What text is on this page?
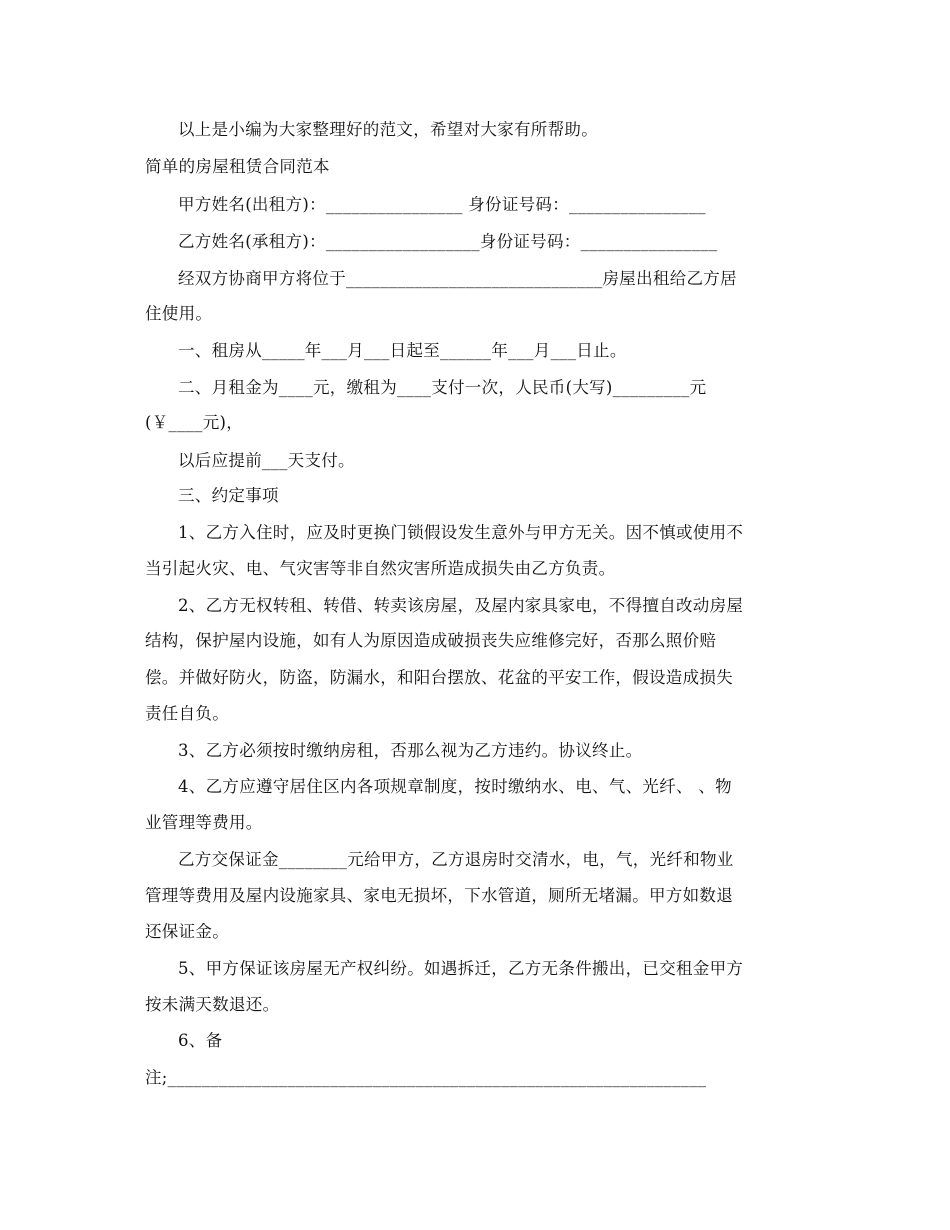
以上是小编为大家整理好的范文，希望对大家有所帮助。
简单的房屋租赁合同范本
甲方姓名(出租方)：________________ 身份证号码：________________
乙方姓名(承租方)：__________________身份证号码：________________
经双方协商甲方将位于______________________________房屋出租给乙方居
住使用。
一、租房从_____年___月___日起至______年___月___日止。
二、月租金为____元，缴租为____支付一次，人民币(大写)_________元
(￥____元)，
以后应提前___天支付。
三、约定事项
1、乙方入住时，应及时更换门锁假设发生意外与甲方无关。因不慎或使用不
当引起火灾、电、气灾害等非自然灾害所造成损失由乙方负责。
2、乙方无权转租、转借、转卖该房屋，及屋内家具家电，不得擅自改动房屋
结构，保护屋内设施，如有人为原因造成破损丧失应维修完好，否那么照价赔
偿。并做好防火，防盗，防漏水，和阳台摆放、花盆的平安工作，假设造成损失
责任自负。
3、乙方必须按时缴纳房租，否那么视为乙方违约。协议终止。
4、乙方应遵守居住区内各项规章制度，按时缴纳水、电、气、光纤、 、物
业管理等费用。
乙方交保证金________元给甲方，乙方退房时交清水，电，气，光纤和物业
管理等费用及屋内设施家具、家电无损坏，下水管道，厕所无堵漏。甲方如数退
还保证金。
5、甲方保证该房屋无产权纠纷。如遇拆迁，乙方无条件搬出，已交租金甲方
按未满天数退还。
6、备
注;_______________________________________________________________
